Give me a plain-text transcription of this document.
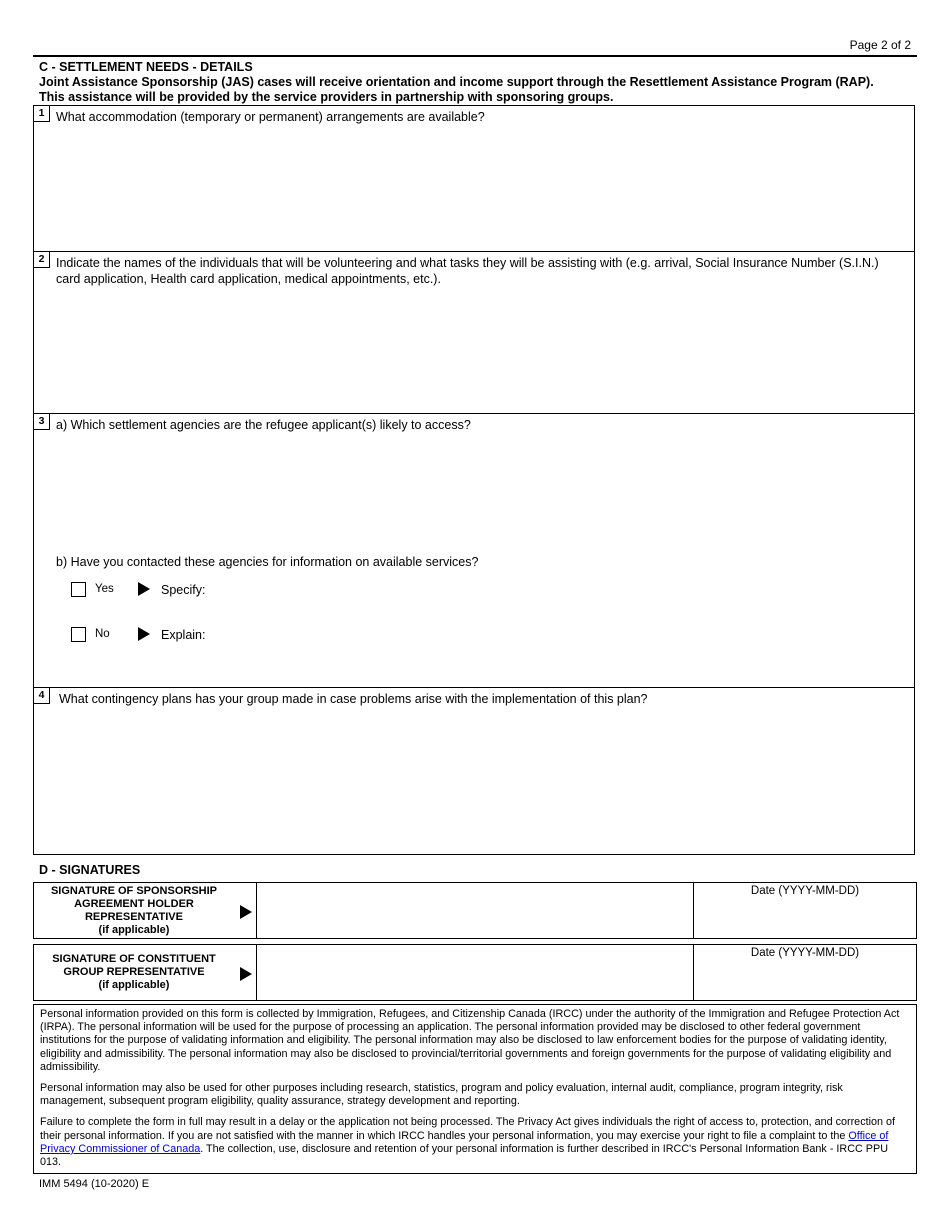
Page 2 of 2
C - SETTLEMENT NEEDS - DETAILS
Joint Assistance Sponsorship (JAS) cases will receive orientation and income support through the Resettlement Assistance Program (RAP).
This assistance will be provided by the service providers in partnership with sponsoring groups.
1 What accommodation (temporary or permanent) arrangements are available?
2 Indicate the names of the individuals that will be volunteering and what tasks they will be assisting with (e.g. arrival, Social Insurance Number (S.I.N.) card application, Health card application, medical appointments, etc.).
3 a) Which settlement agencies are the refugee applicant(s) likely to access?
b) Have you contacted these agencies for information on available services?
Yes	Specify:
No	Explain:
4	What contingency plans has your group made in case problems arise with the implementation of this plan?
D - SIGNATURES
SIGNATURE OF SPONSORSHIP
AGREEMENT HOLDER
REPRESENTATIVE
(if applicable)
Date (YYYY-MM-DD)
SIGNATURE OF CONSTITUENT
GROUP REPRESENTATIVE
(if applicable)
Date (YYYY-MM-DD)

Personal information provided on this form is collected by Immigration, Refugees, and Citizenship Canada (IRCC) under the authority of the Immigration and Refugee Protection Act (IRPA). The personal information will be used for the purpose of processing an application. The personal information provided may be disclosed to other federal government institutions for the purpose of validating information and eligibility. The personal information may also be disclosed to law enforcement bodies for the purpose of validating identity, eligibility and admissibility. The personal information may also be disclosed to provincial/territorial governments and foreign governments for the purpose of validating eligibility and admissibility.

Personal information may also be used for other purposes including research, statistics, program and policy evaluation, internal audit, compliance, program integrity, risk management, subsequent program eligibility, quality assurance, strategy development and reporting.

Failure to complete the form in full may result in a delay or the application not being processed. The Privacy Act gives individuals the right of access to, protection, and correction of their personal information. If you are not satisfied with the manner in which IRCC handles your personal information, you may exercise your right to file a complaint to the Office of Privacy Commissioner of Canada. The collection, use, disclosure and retention of your personal information is further described in IRCC's Personal Information Bank - IRCC PPU 013.

IMM 5494 (10-2020) E
